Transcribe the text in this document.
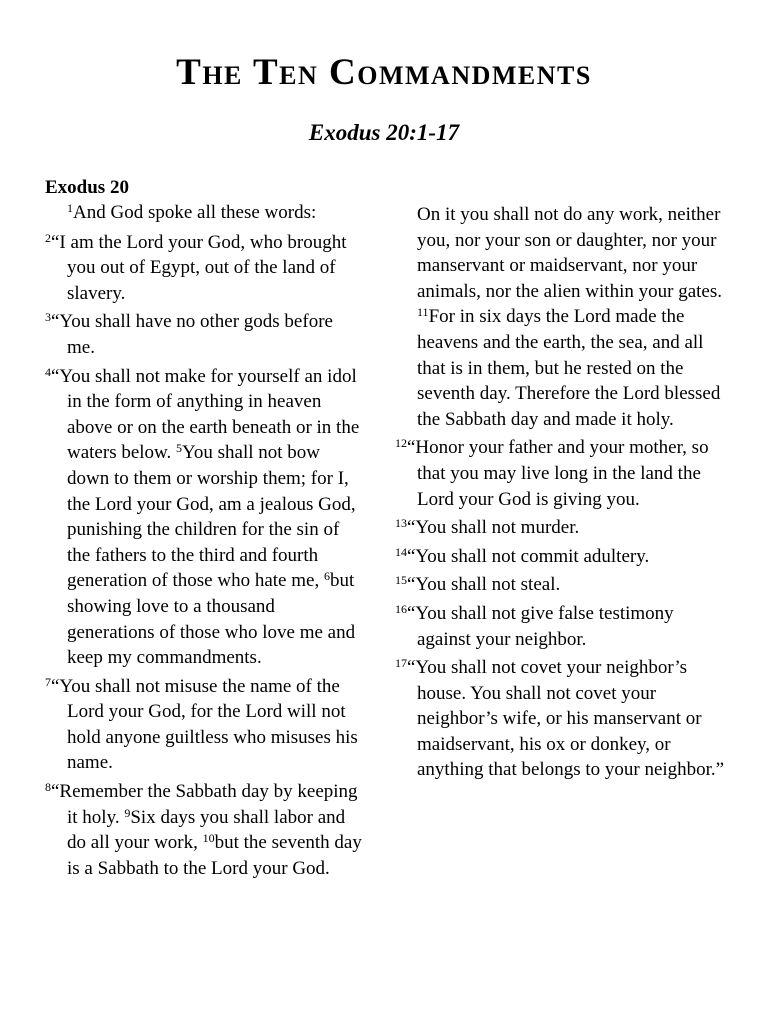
The Ten Commandments
Exodus 20:1-17
Exodus 20

$^1$And God spoke all these words:

$^2$“I am the Lord your God, who brought you out of Egypt, out of the land of slavery.

$^3$“You shall have no other gods before me.

$^4$“You shall not make for yourself an idol in the form of anything in heaven above or on the earth beneath or in the waters below. $^5$You shall not bow down to them or worship them; for I, the Lord your God, am a jealous God, punishing the children for the sin of the fathers to the third and fourth generation of those who hate me, $^6$but showing love to a thousand generations of those who love me and keep my commandments.

$^7$“You shall not misuse the name of the Lord your God, for the Lord will not hold anyone guiltless who misuses his name.

$^8$“Remember the Sabbath day by keeping it holy. $^9$Six days you shall labor and do all your work, $^{10}$but the seventh day is a Sabbath to the Lord your God.

On it you shall not do any work, neither you, nor your son or daughter, nor your manservant or maidservant, nor your animals, nor the alien within your gates. $^{11}$For in six days the Lord made the heavens and the earth, the sea, and all that is in them, but he rested on the seventh day. Therefore the Lord blessed the Sabbath day and made it holy.

$^{12}$“Honor your father and your mother, so that you may live long in the land the Lord your God is giving you.

$^{13}$“You shall not murder.

$^{14}$“You shall not commit adultery.

$^{15}$“You shall not steal.

$^{16}$“You shall not give false testimony against your neighbor.

$^{17}$“You shall not covet your neighbor’s house. You shall not covet your neighbor’s wife, or his manservant or maidservant, his ox or donkey, or anything that belongs to your neighbor.”
